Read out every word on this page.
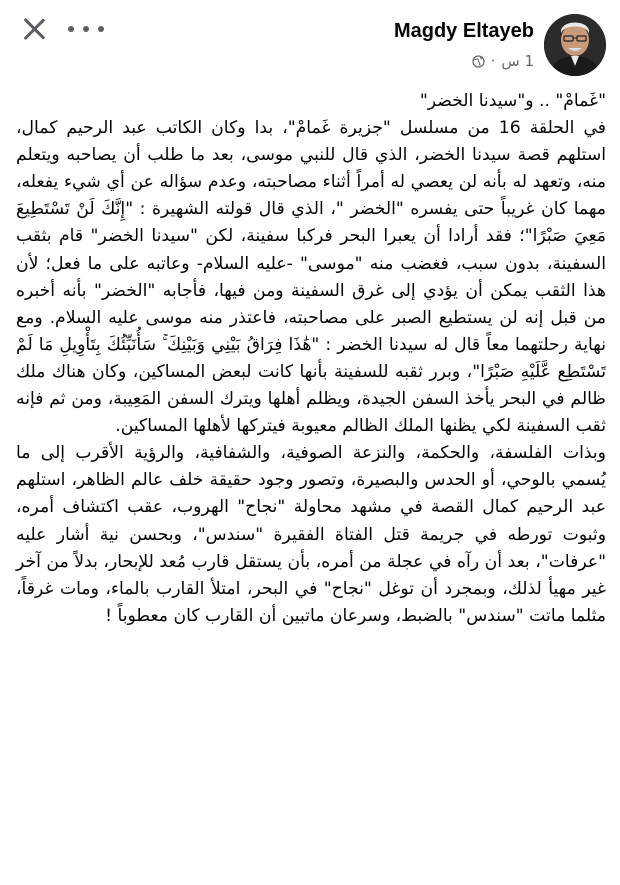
Magdy Eltayeb
· 1 س

"غَمامْ" .. و"سيدنا الخضر"

في الحلقة 16 من مسلسل "جزيرة غَمامْ"، بدا وكان الكاتب عبد الرحيم كمال، استلهم قصة سيدنا الخضر، الذي قال للنبي موسى، بعد ما طلب أن يصاحبه ويتعلم منه، وتعهد له بأنه لن يعصي له أمراً أثناء مصاحبته، وعدم سؤاله عن أي شيء يفعله، مهما كان غريباً حتى يفسره "الخضر "، الذي قال قولته الشهيرة : "إِنَّكَ لَنْ تَسْتَطِيعَ مَعِيَ صَبْرًا"؛ فقد أرادا أن يعبرا البحر فركبا سفينة، لكن "سيدنا الخضر" قام بثقب السفينة، بدون سبب، فغضب منه "موسى" -عليه السلام- وعاتبه على ما فعل؛ لأن هذا الثقب يمكن أن يؤدي إلى غرق السفينة ومن فيها، فأجابه "الخضر" بأنه أخبره من قبل إنه لن يستطيع الصبر على مصاحبته، فاعتذر منه موسى عليه السلام. ومع نهاية رحلتهما معاً قال له سيدنا الخضر : "هَٰذَا فِرَاقُ بَيْنِي وَبَيْنِكَ ۚ سَأُنَبِّئُكَ بِتَأْوِيلِ مَا لَمْ تَسْتَطِع عَّلَيْهِ صَبْرًا"، وبرر ثقبه للسفينة بأنها كانت لبعض المساكين، وكان هناك ملك ظالم في البحر يأخذ السفن الجيدة، ويظلم أهلها ويترك السفن المَعِيبة، ومن ثم فإنه ثقب السفينة لكي يظنها الملك الظالم معيوبة فيتركها لأهلها المساكين.

وبذات الفلسفة، والحكمة، والنزعة الصوفية، والشفافية، والرؤية الأقرب إلى ما يُسمي بالوحي، أو الحدس والبصيرة، وتصور وجود حقيقة خلف عالم الظاهر، استلهم عبد الرحيم كمال القصة في مشهد محاولة "نجاح" الهروب، عقب اكتشاف أمره، وثبوت تورطه في جريمة قتل الفتاة الفقيرة "سندس"، وبحسن نية أشار عليه "عرفات"، بعد أن رآه في عجلة من أمره، بأن يستقل قارب مُعد للإبحار، بدلاً من آخر غير مهيأ لذلك، وبمجرد أن توغل "نجاح" في البحر، امتلأ القارب بالماء، ومات غرقاً، مثلما ماتت "سندس" بالضبط، وسرعان ماتبين أن القارب كان معطوباً !
